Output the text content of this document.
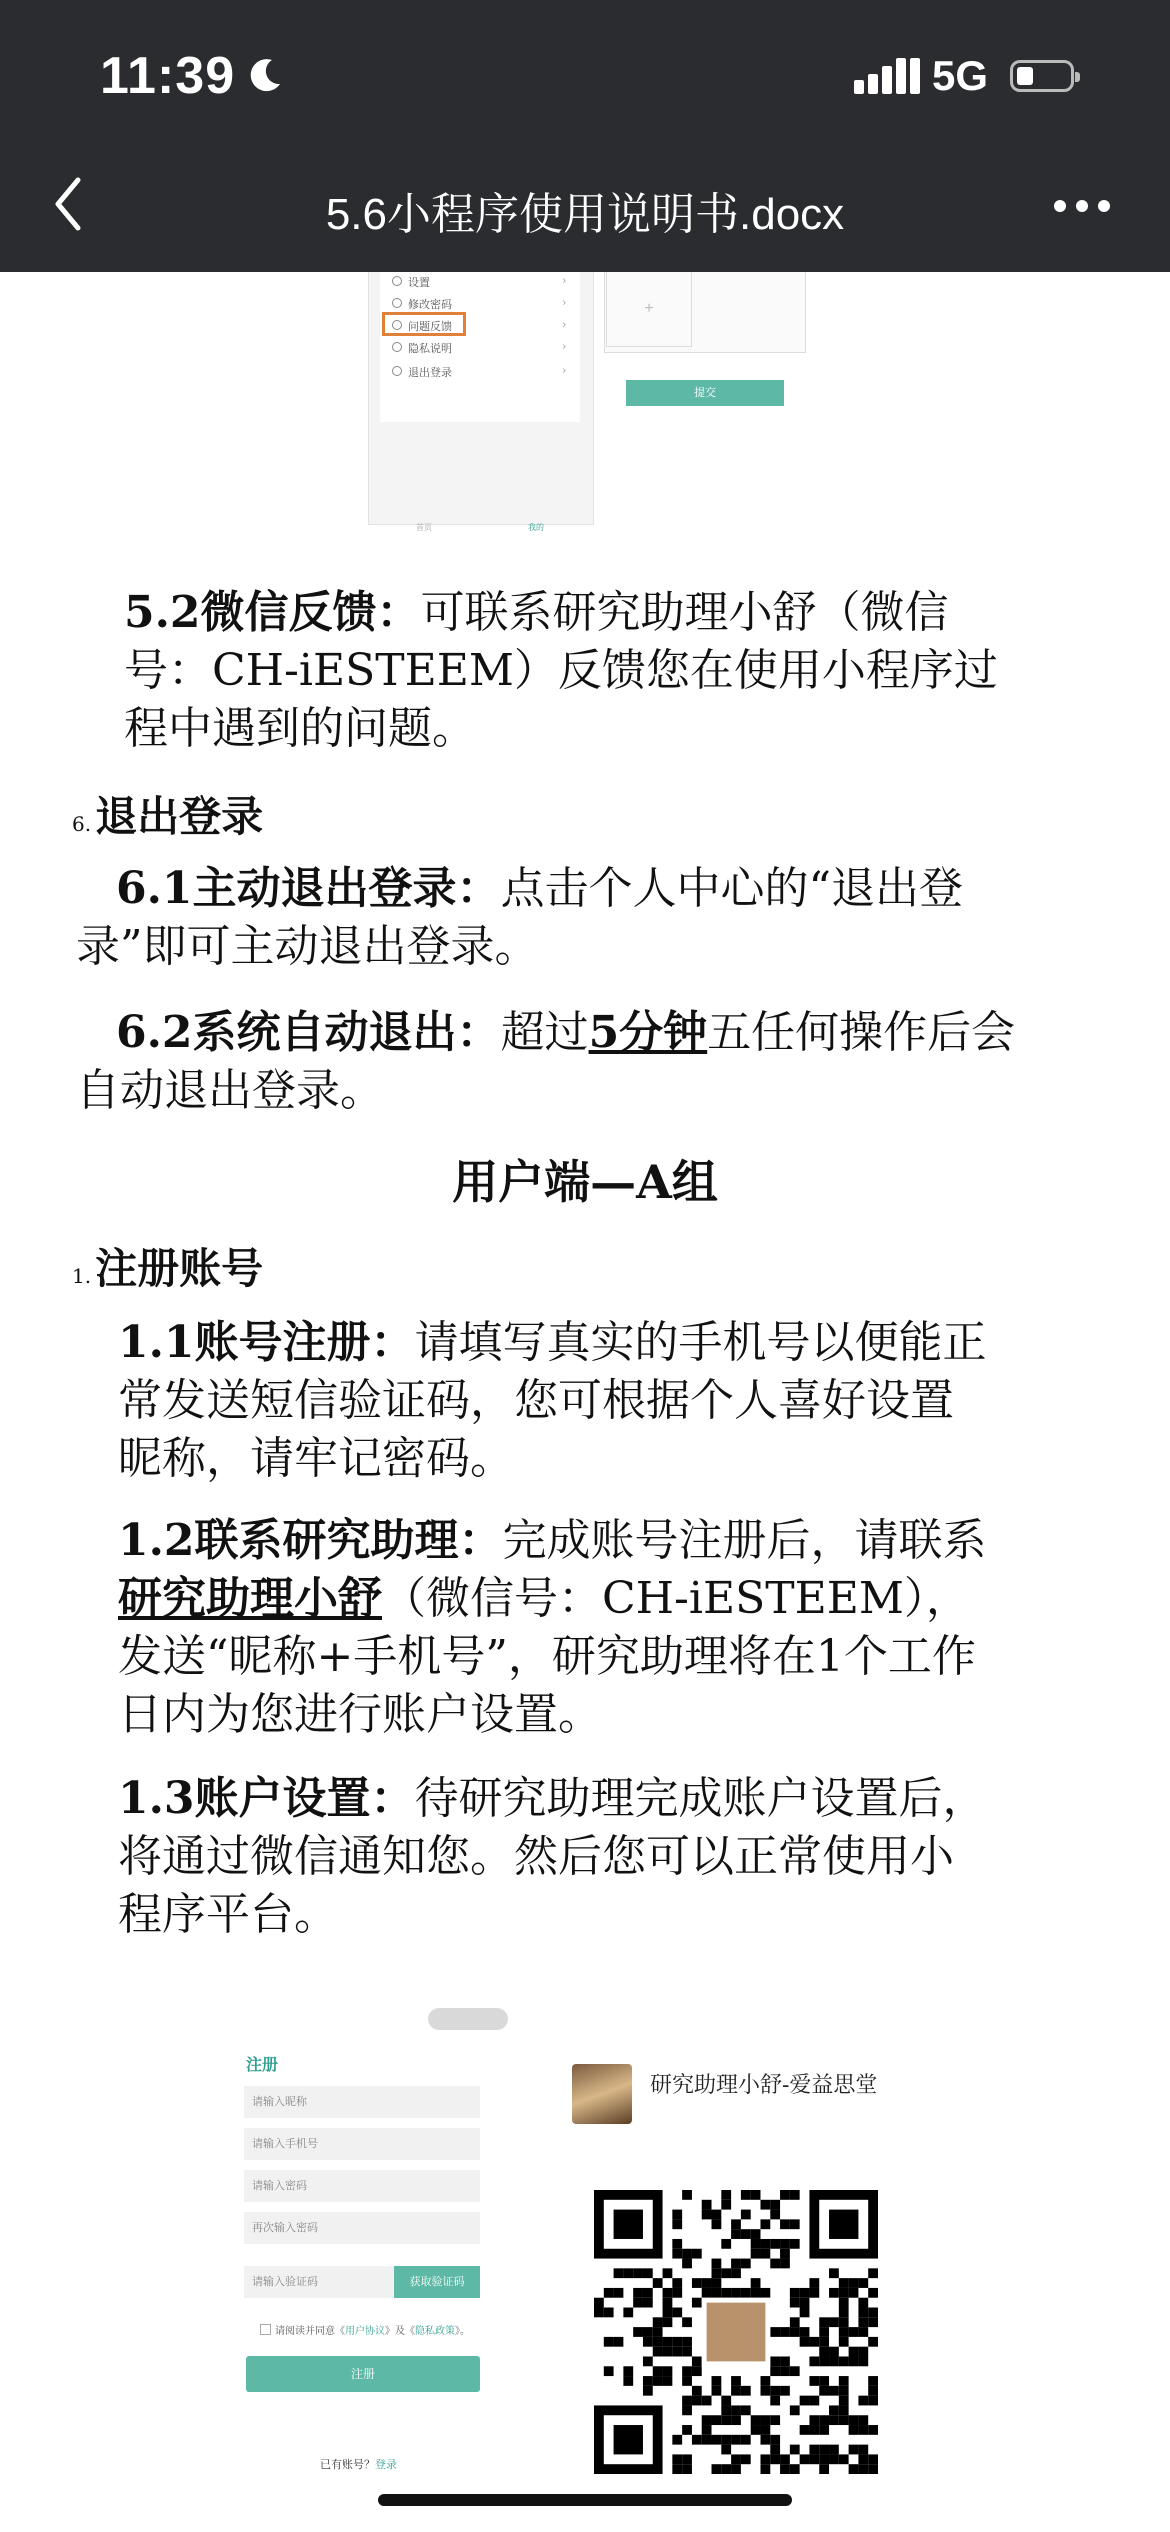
11:39	5G
5.6小程序使用说明书.docx
设置
修改密码
问题反馈
隐私说明
退出登录
›
›
›
›
›
+
提交
首页	我的
5.2微信反馈：可联系研究助理小舒（微信
号：CH-iESTEEM）反馈您在使用小程序过
程中遇到的问题。
6.退出登录
6.1主动退出登录：点击个人中心的“退出登
录”即可主动退出登录。
6.2系统自动退出：超过5分钟五任何操作后会
自动退出登录。
用户端—A组
1.注册账号
1.1账号注册：请填写真实的手机号以便能正
常发送短信验证码，您可根据个人喜好设置
昵称，请牢记密码。
1.2联系研究助理：完成账号注册后，请联系
研究助理小舒（微信号：CH-iESTEEM），
发送“昵称+手机号”，研究助理将在1个工作
日内为您进行账户设置。
1.3账户设置：待研究助理完成账户设置后，
将通过微信通知您。然后您可以正常使用小
程序平台。
注册
请输入昵称
请输入手机号
请输入密码
再次输入密码
请输入验证码	获取验证码
请阅读并同意《用户协议》及《隐私政策》。
注册
已有账号？登录
研究助理小舒-爱益思堂
